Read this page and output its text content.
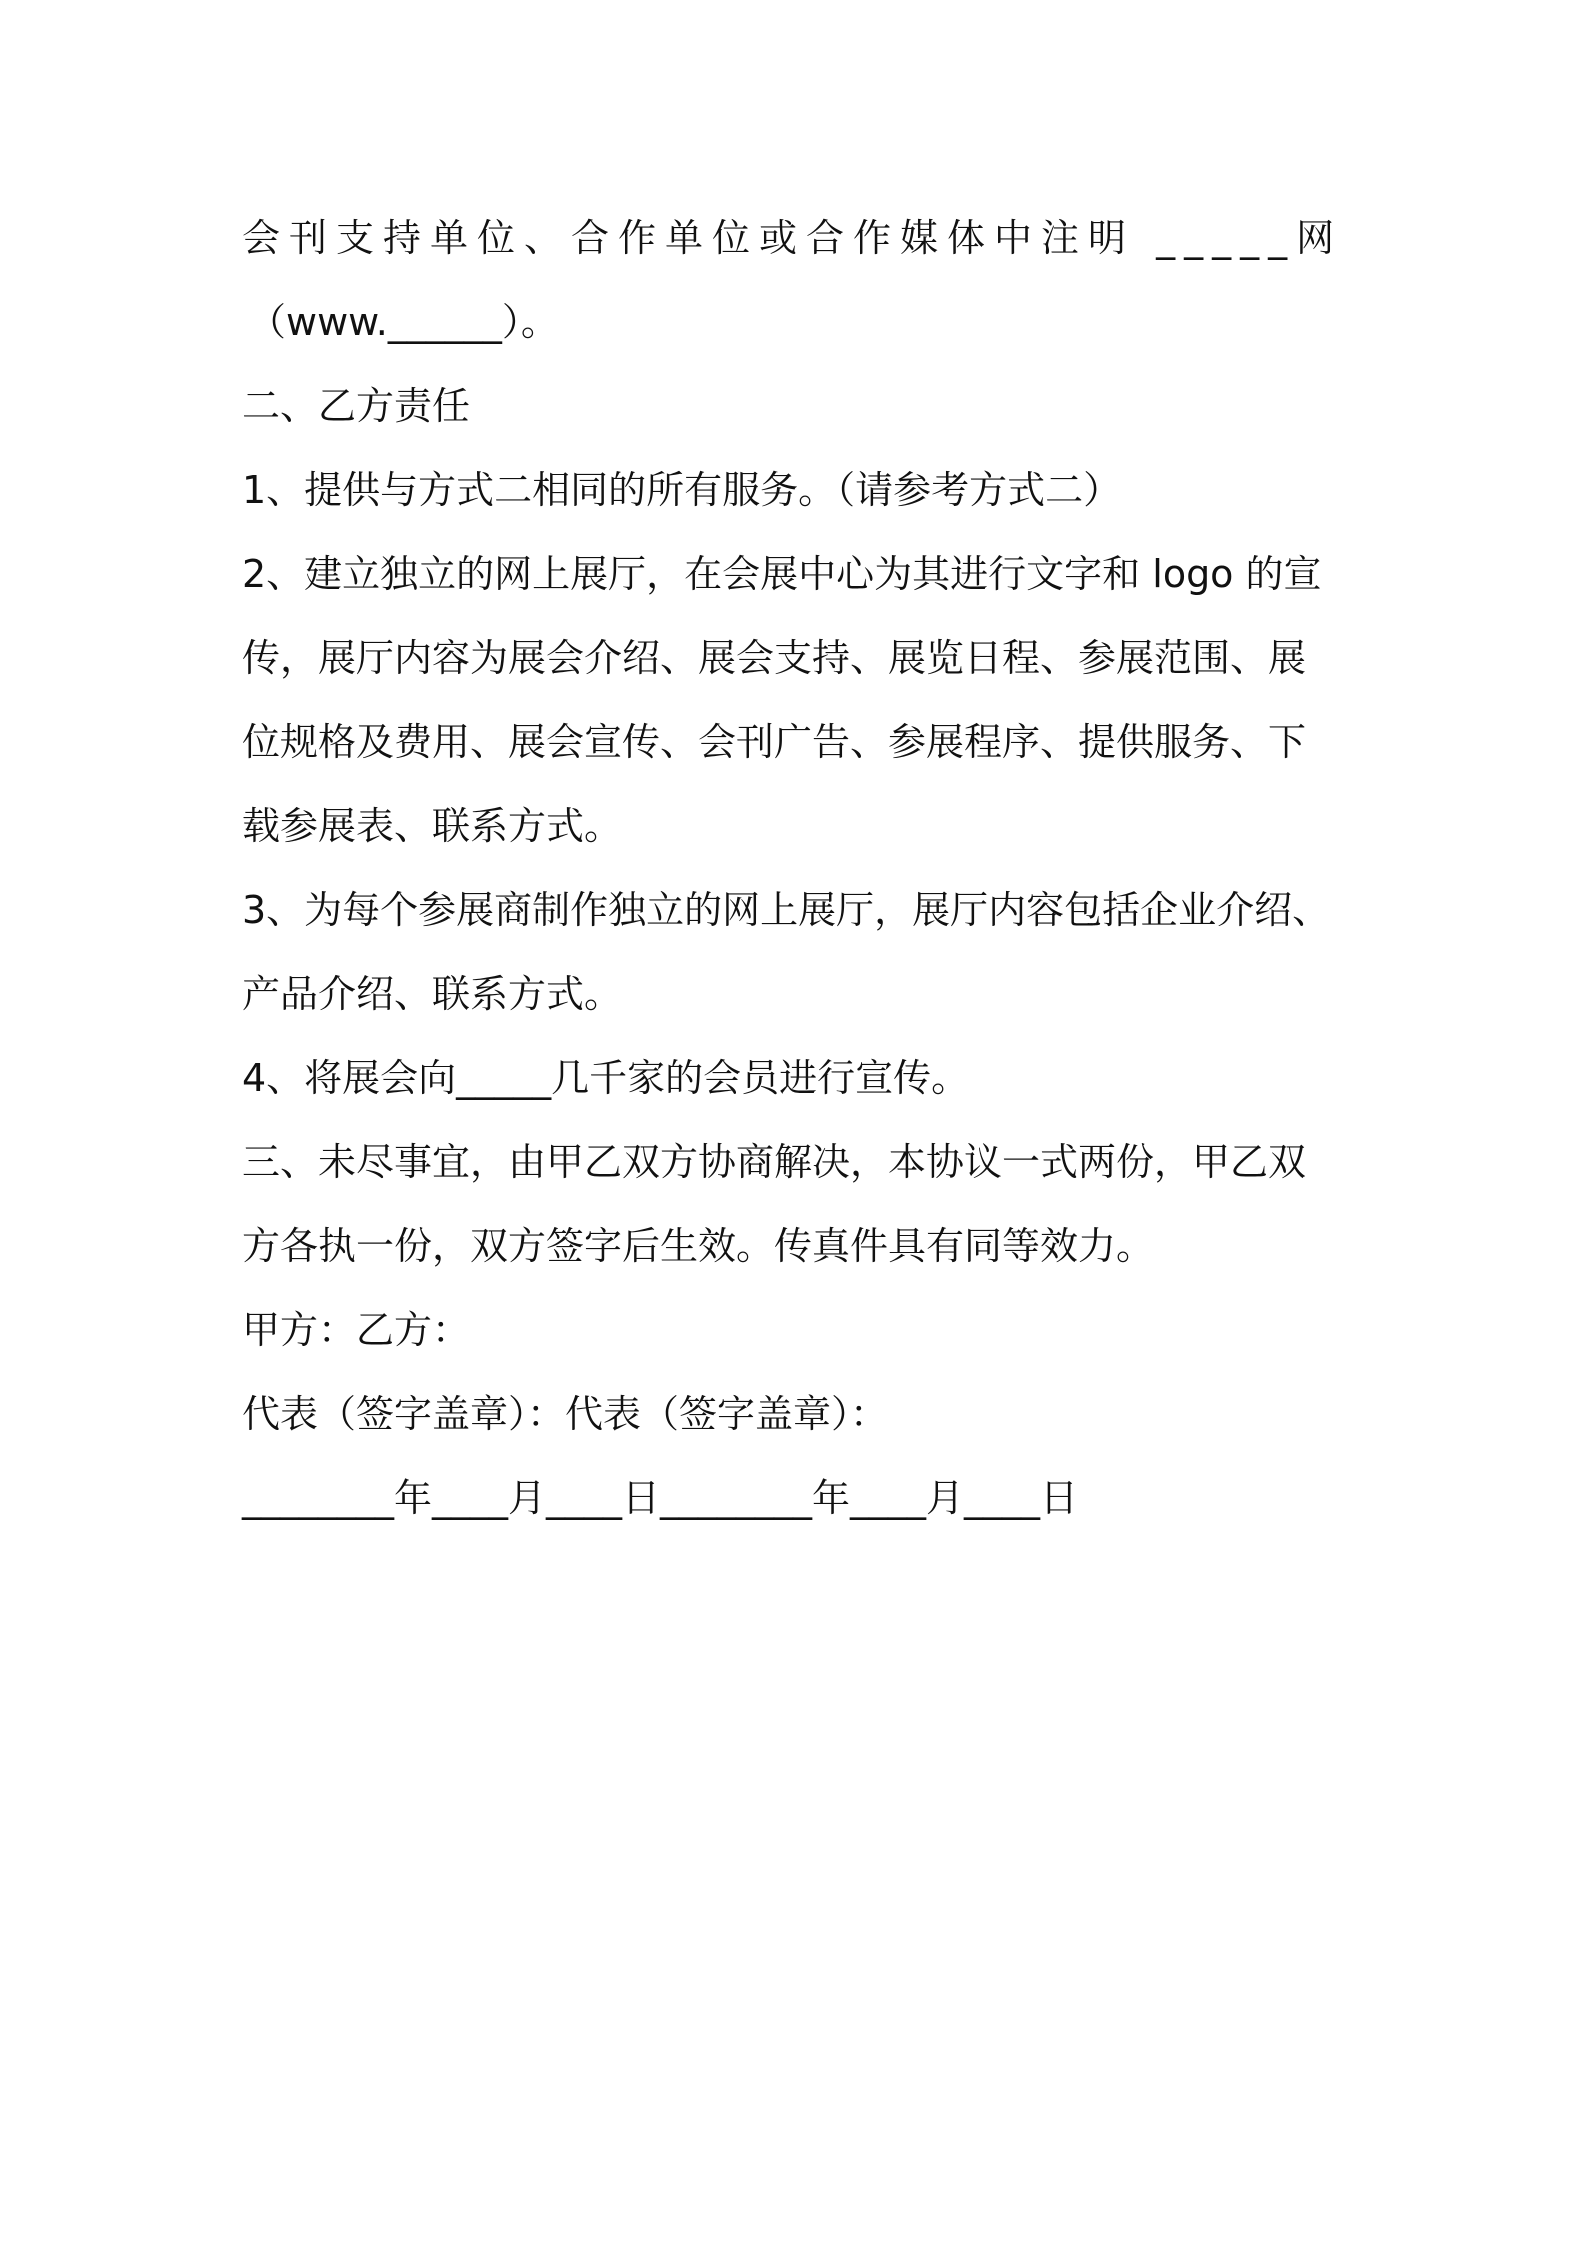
会刊支持单位、合作单位或合作媒体中注明 _____网

（www.______）。

二、乙方责任

1、提供与方式二相同的所有服务。（请参考方式二）

2、建立独立的网上展厅，在会展中心为其进行文字和 logo 的宣

传，展厅内容为展会介绍、展会支持、展览日程、参展范围、展

位规格及费用、展会宣传、会刊广告、参展程序、提供服务、下

载参展表、联系方式。

3、为每个参展商制作独立的网上展厅，展厅内容包括企业介绍、

产品介绍、联系方式。

4、将展会向_____几千家的会员进行宣传。

三、未尽事宜，由甲乙双方协商解决，本协议一式两份，甲乙双

方各执一份，双方签字后生效。传真件具有同等效力。

甲方：乙方：

代表（签字盖章）：代表（签字盖章）：

________年____月____日________年____月____日
